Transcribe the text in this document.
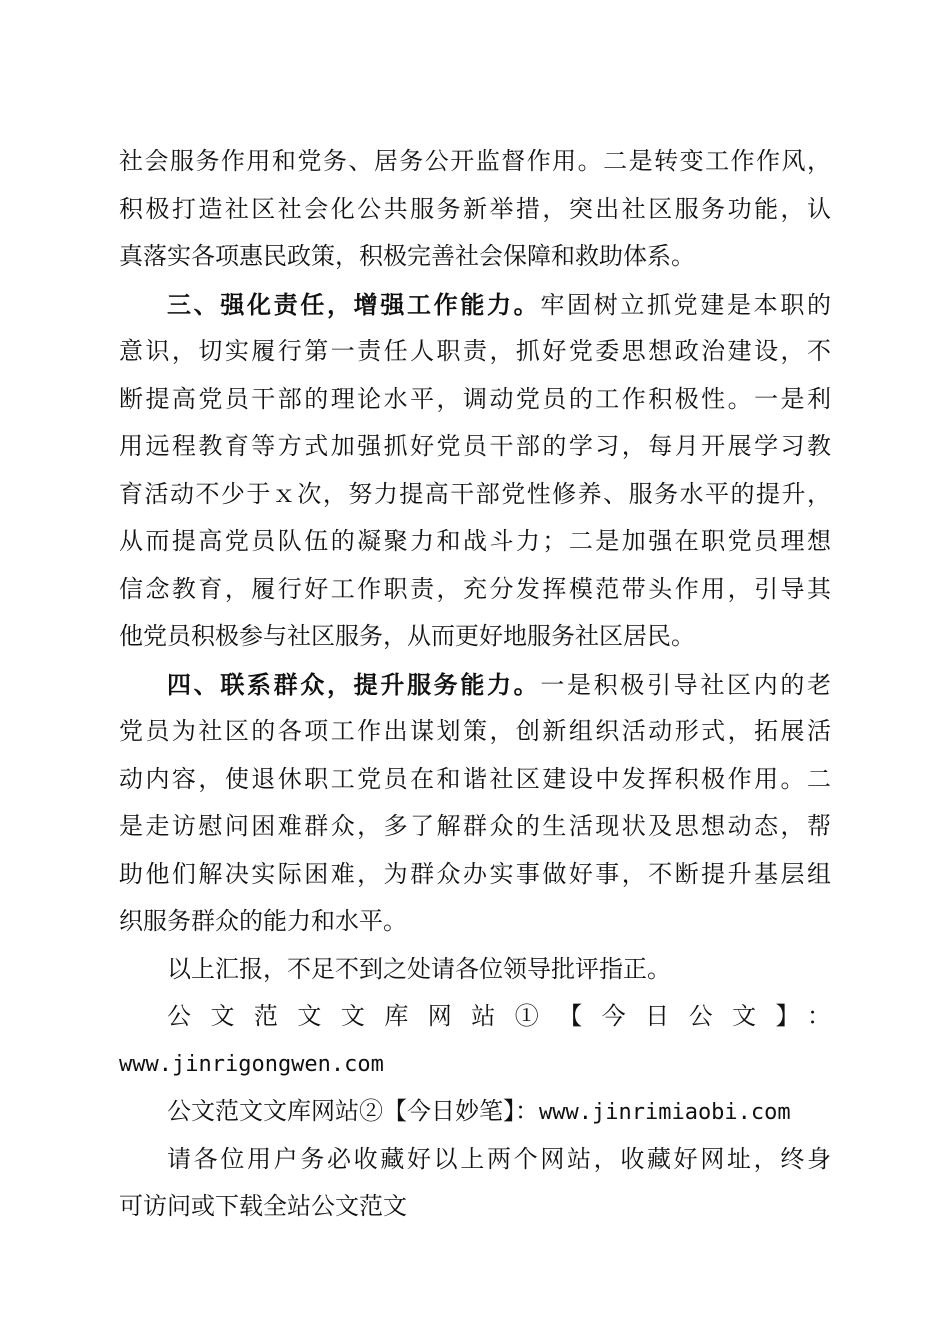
社会服务作用和党务、居务公开监督作用。二是转变工作作风，
积极打造社区社会化公共服务新举措，突出社区服务功能，认
真落实各项惠民政策，积极完善社会保障和救助体系。
三、强化责任，增强工作能力。牢固树立抓党建是本职的
意识，切实履行第一责任人职责，抓好党委思想政治建设，不
断提高党员干部的理论水平，调动党员的工作积极性。一是利
用远程教育等方式加强抓好党员干部的学习，每月开展学习教
育活动不少于ｘ次，努力提高干部党性修养、服务水平的提升，
从而提高党员队伍的凝聚力和战斗力；二是加强在职党员理想
信念教育，履行好工作职责，充分发挥模范带头作用，引导其
他党员积极参与社区服务，从而更好地服务社区居民。
四、联系群众，提升服务能力。一是积极引导社区内的老
党员为社区的各项工作出谋划策，创新组织活动形式，拓展活
动内容，使退休职工党员在和谐社区建设中发挥积极作用。二
是走访慰问困难群众，多了解群众的生活现状及思想动态，帮
助他们解决实际困难，为群众办实事做好事，不断提升基层组
织服务群众的能力和水平。
以上汇报，不足不到之处请各位领导批评指正。
公文范文文库网站①【今日公文】：
www.jinrigongwen.com
公文范文文库网站②【今日妙笔】：www.jinrimiaobi.com
请各位用户务必收藏好以上两个网站，收藏好网址，终身
可访问或下载全站公文范文
